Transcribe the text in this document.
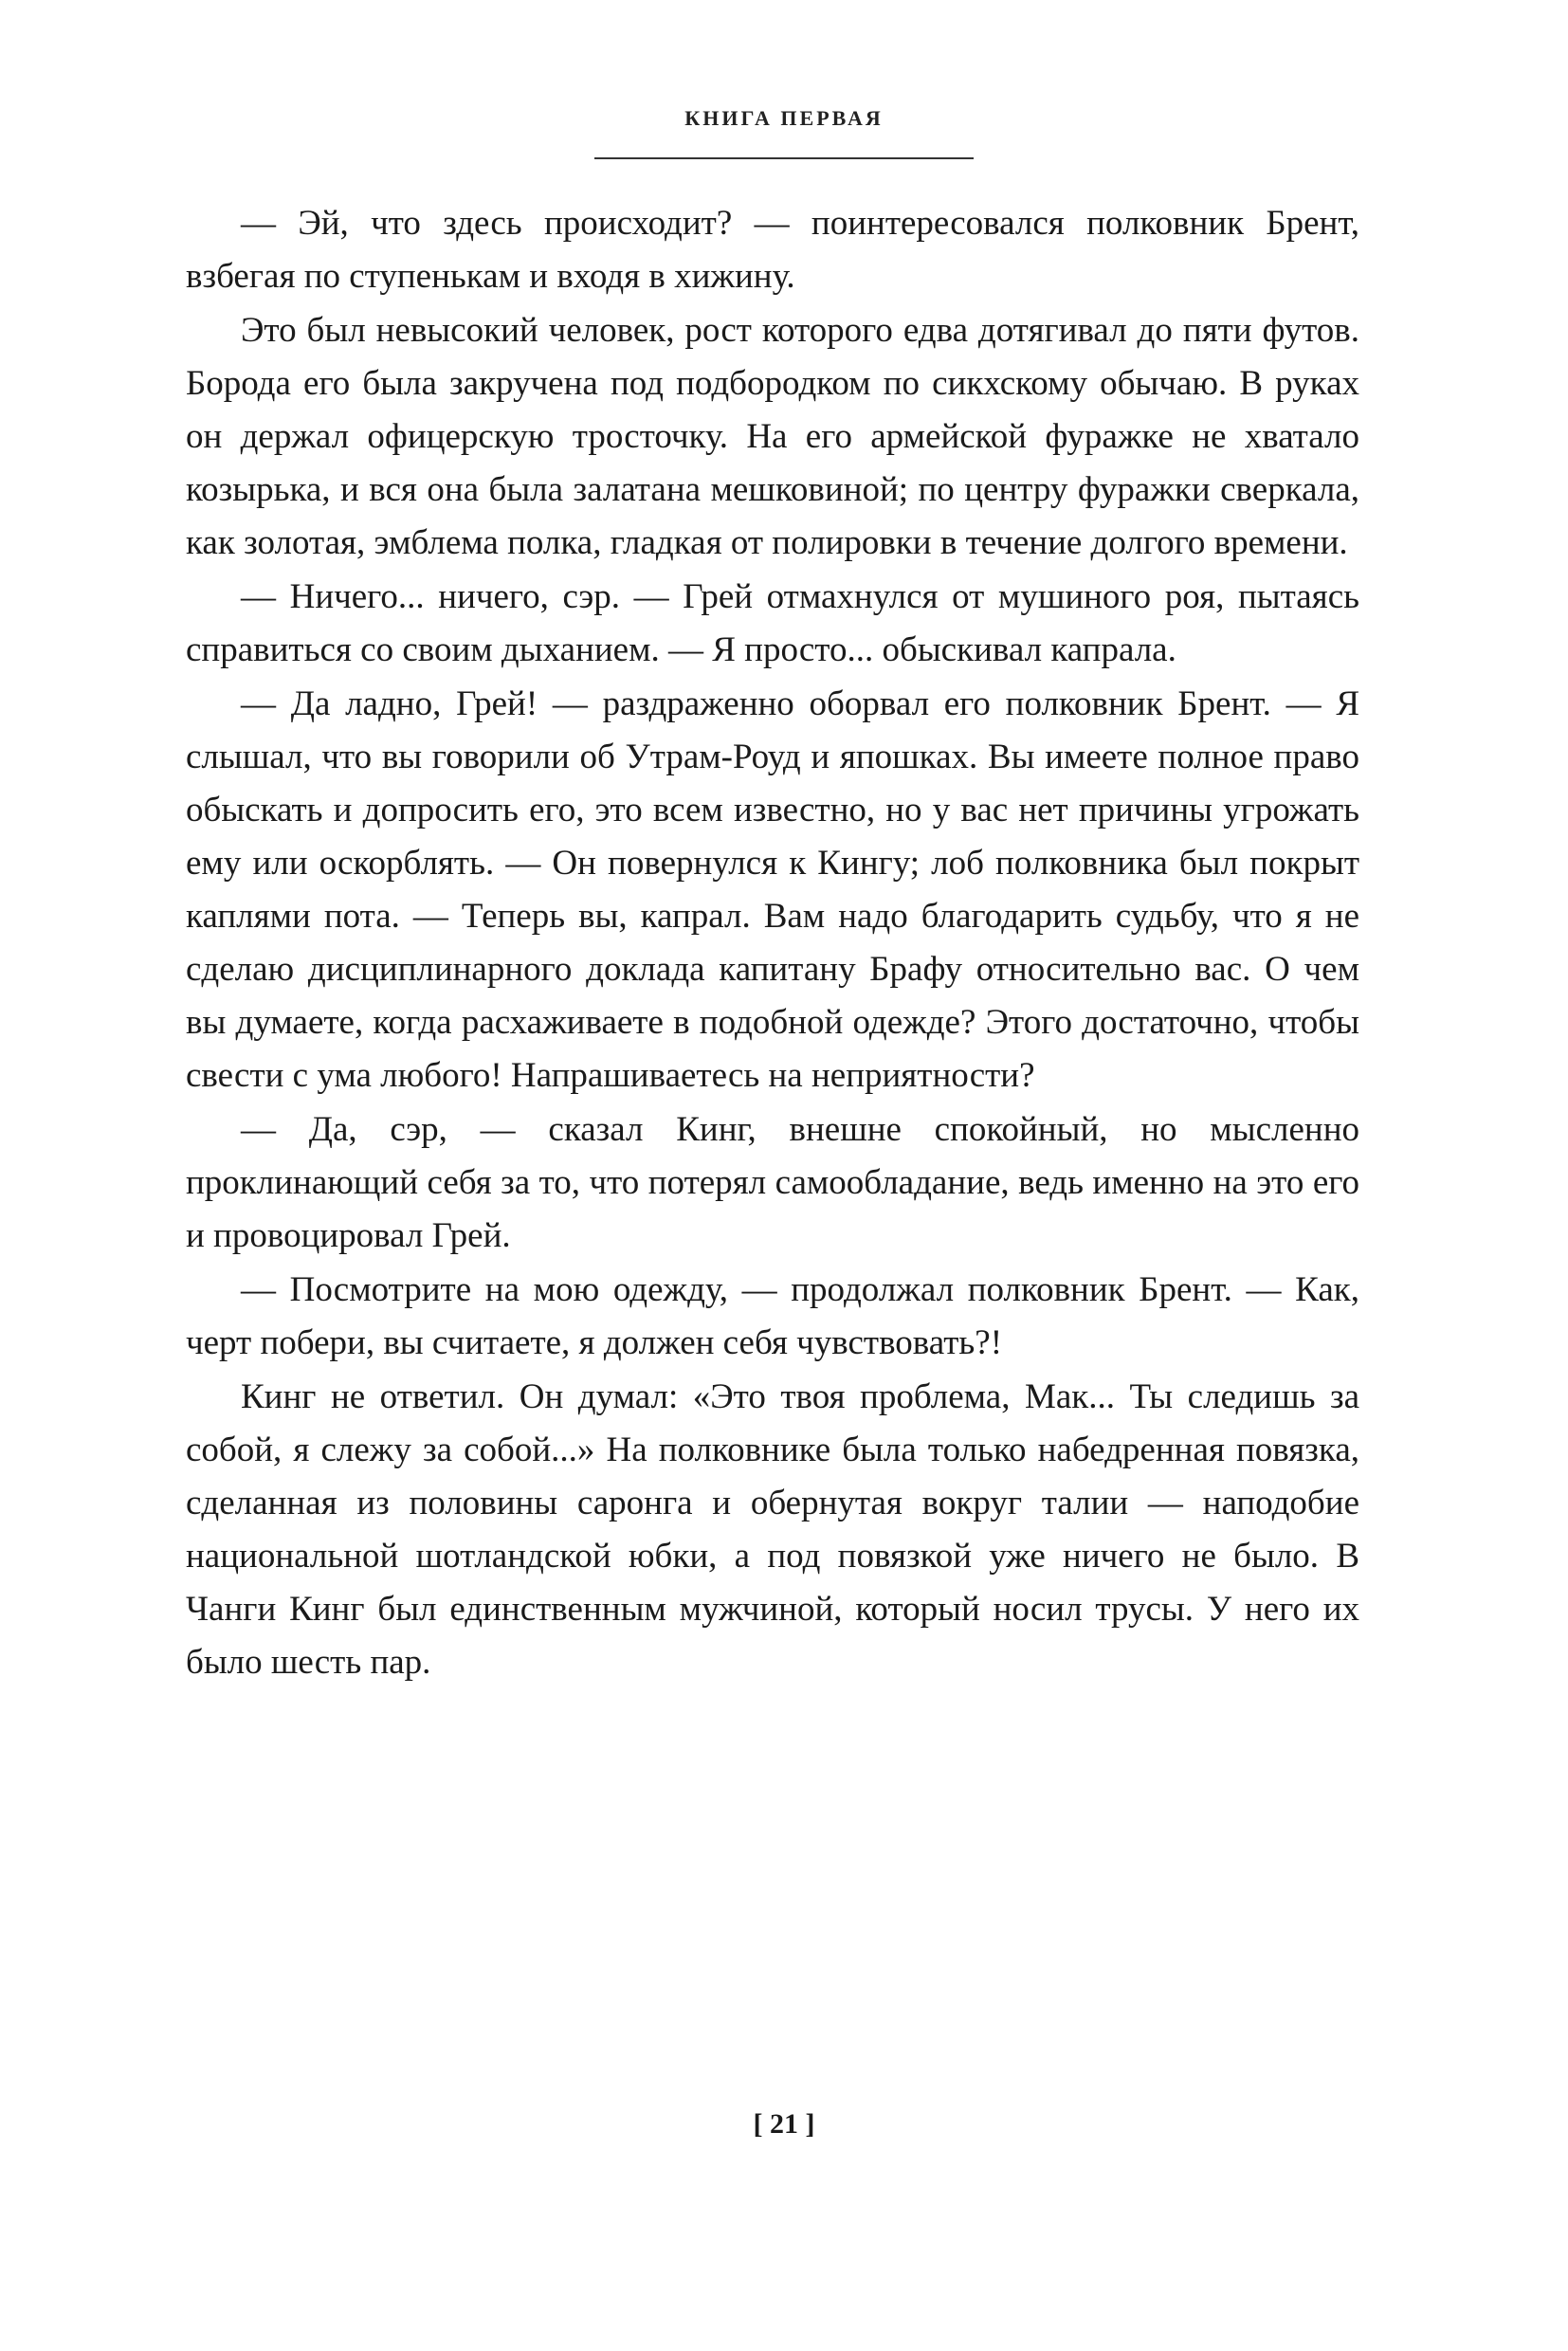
КНИГА ПЕРВАЯ

— Эй, что здесь происходит? — поинтересовался полковник Брент, взбегая по ступенькам и входя в хижину.

Это был невысокий человек, рост которого едва дотягивал до пяти футов. Борода его была закручена под подбородком по сикхскому обычаю. В руках он держал офицерскую тросточку. На его армейской фуражке не хватало козырька, и вся она была залатана мешковиной; по центру фуражки сверкала, как золотая, эмблема полка, гладкая от полировки в течение долгого времени.

— Ничего... ничего, сэр. — Грей отмахнулся от мушиного роя, пытаясь справиться со своим дыханием. — Я просто... обыскивал капрала.

— Да ладно, Грей! — раздраженно оборвал его полковник Брент. — Я слышал, что вы говорили об Утрам-Роуд и япошках. Вы имеете полное право обыскать и допросить его, это всем известно, но у вас нет причины угрожать ему или оскорблять. — Он повернулся к Кингу; лоб полковника был покрыт каплями пота. — Теперь вы, капрал. Вам надо благодарить судьбу, что я не сделаю дисциплинарного доклада капитану Брафу относительно вас. О чем вы думаете, когда расхаживаете в подобной одежде? Этого достаточно, чтобы свести с ума любого! Напрашиваетесь на неприятности?

— Да, сэр, — сказал Кинг, внешне спокойный, но мысленно проклинающий себя за то, что потерял самообладание, ведь именно на это его и провоцировал Грей.

— Посмотрите на мою одежду, — продолжал полковник Брент. — Как, черт побери, вы считаете, я должен себя чувствовать?!

Кинг не ответил. Он думал: «Это твоя проблема, Мак... Ты следишь за собой, я слежу за собой...» На полковнике была только набедренная повязка, сделанная из половины саронга и обернутая вокруг талии — наподобие национальной шотландской юбки, а под повязкой уже ничего не было. В Чанги Кинг был единственным мужчиной, который носил трусы. У него их было шесть пар.

[ 21 ]
